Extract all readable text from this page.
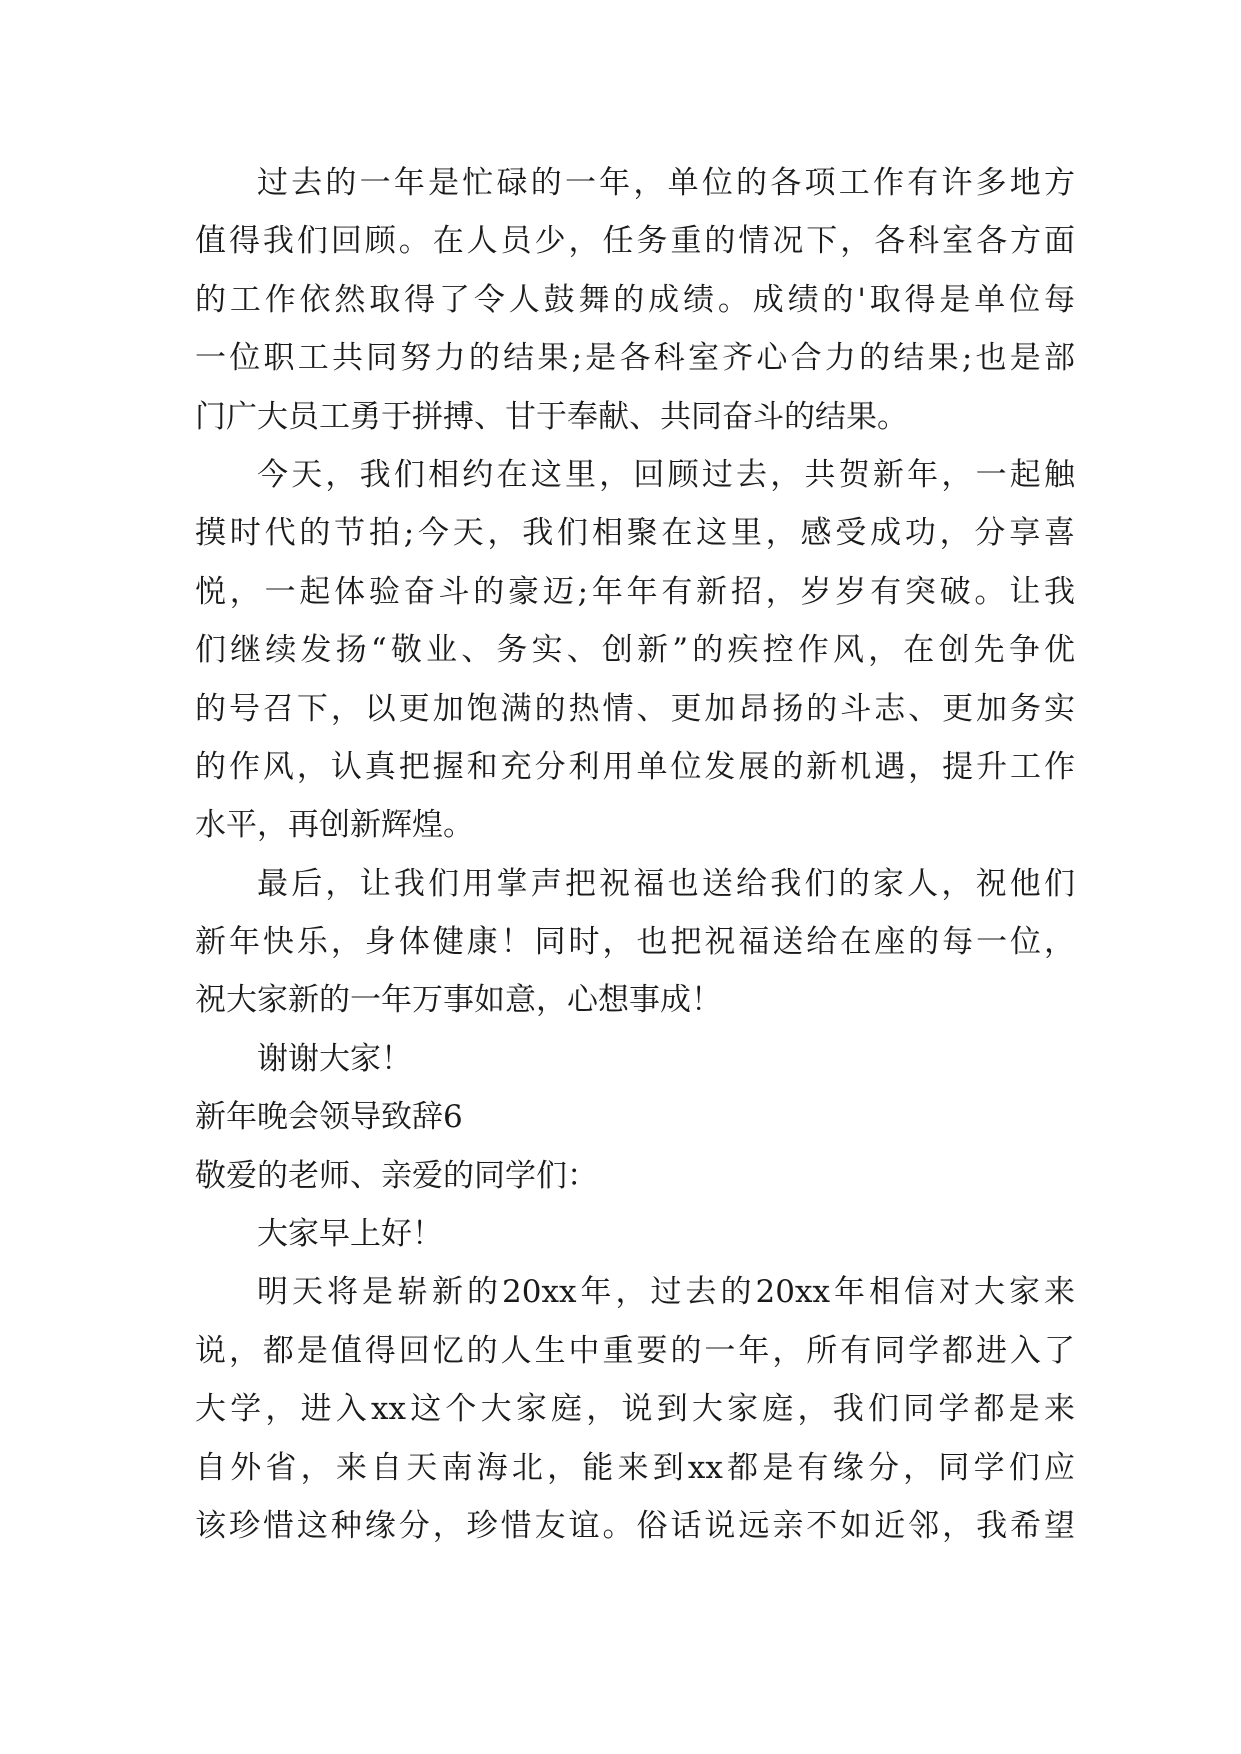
过去的一年是忙碌的一年，单位的各项工作有许多地方
值得我们回顾。在人员少，任务重的情况下，各科室各方面
的工作依然取得了令人鼓舞的成绩。成绩的'取得是单位每
一位职工共同努力的结果;是各科室齐心合力的结果;也是部
门广大员工勇于拼搏、甘于奉献、共同奋斗的结果。
今天，我们相约在这里，回顾过去，共贺新年，一起触
摸时代的节拍;今天，我们相聚在这里，感受成功，分享喜
悦，一起体验奋斗的豪迈;年年有新招，岁岁有突破。让我
们继续发扬“敬业、务实、创新”的疾控作风，在创先争优
的号召下，以更加饱满的热情、更加昂扬的斗志、更加务实
的作风，认真把握和充分利用单位发展的新机遇，提升工作
水平，再创新辉煌。
最后，让我们用掌声把祝福也送给我们的家人，祝他们
新年快乐，身体健康！同时，也把祝福送给在座的每一位，
祝大家新的一年万事如意，心想事成！
谢谢大家！
新年晚会领导致辞6
敬爱的老师、亲爱的同学们：
大家早上好！
明天将是崭新的20xx年，过去的20xx年相信对大家来
说，都是值得回忆的人生中重要的一年，所有同学都进入了
大学，进入xx这个大家庭，说到大家庭，我们同学都是来
自外省，来自天南海北，能来到xx都是有缘分，同学们应
该珍惜这种缘分，珍惜友谊。俗话说远亲不如近邻，我希望
